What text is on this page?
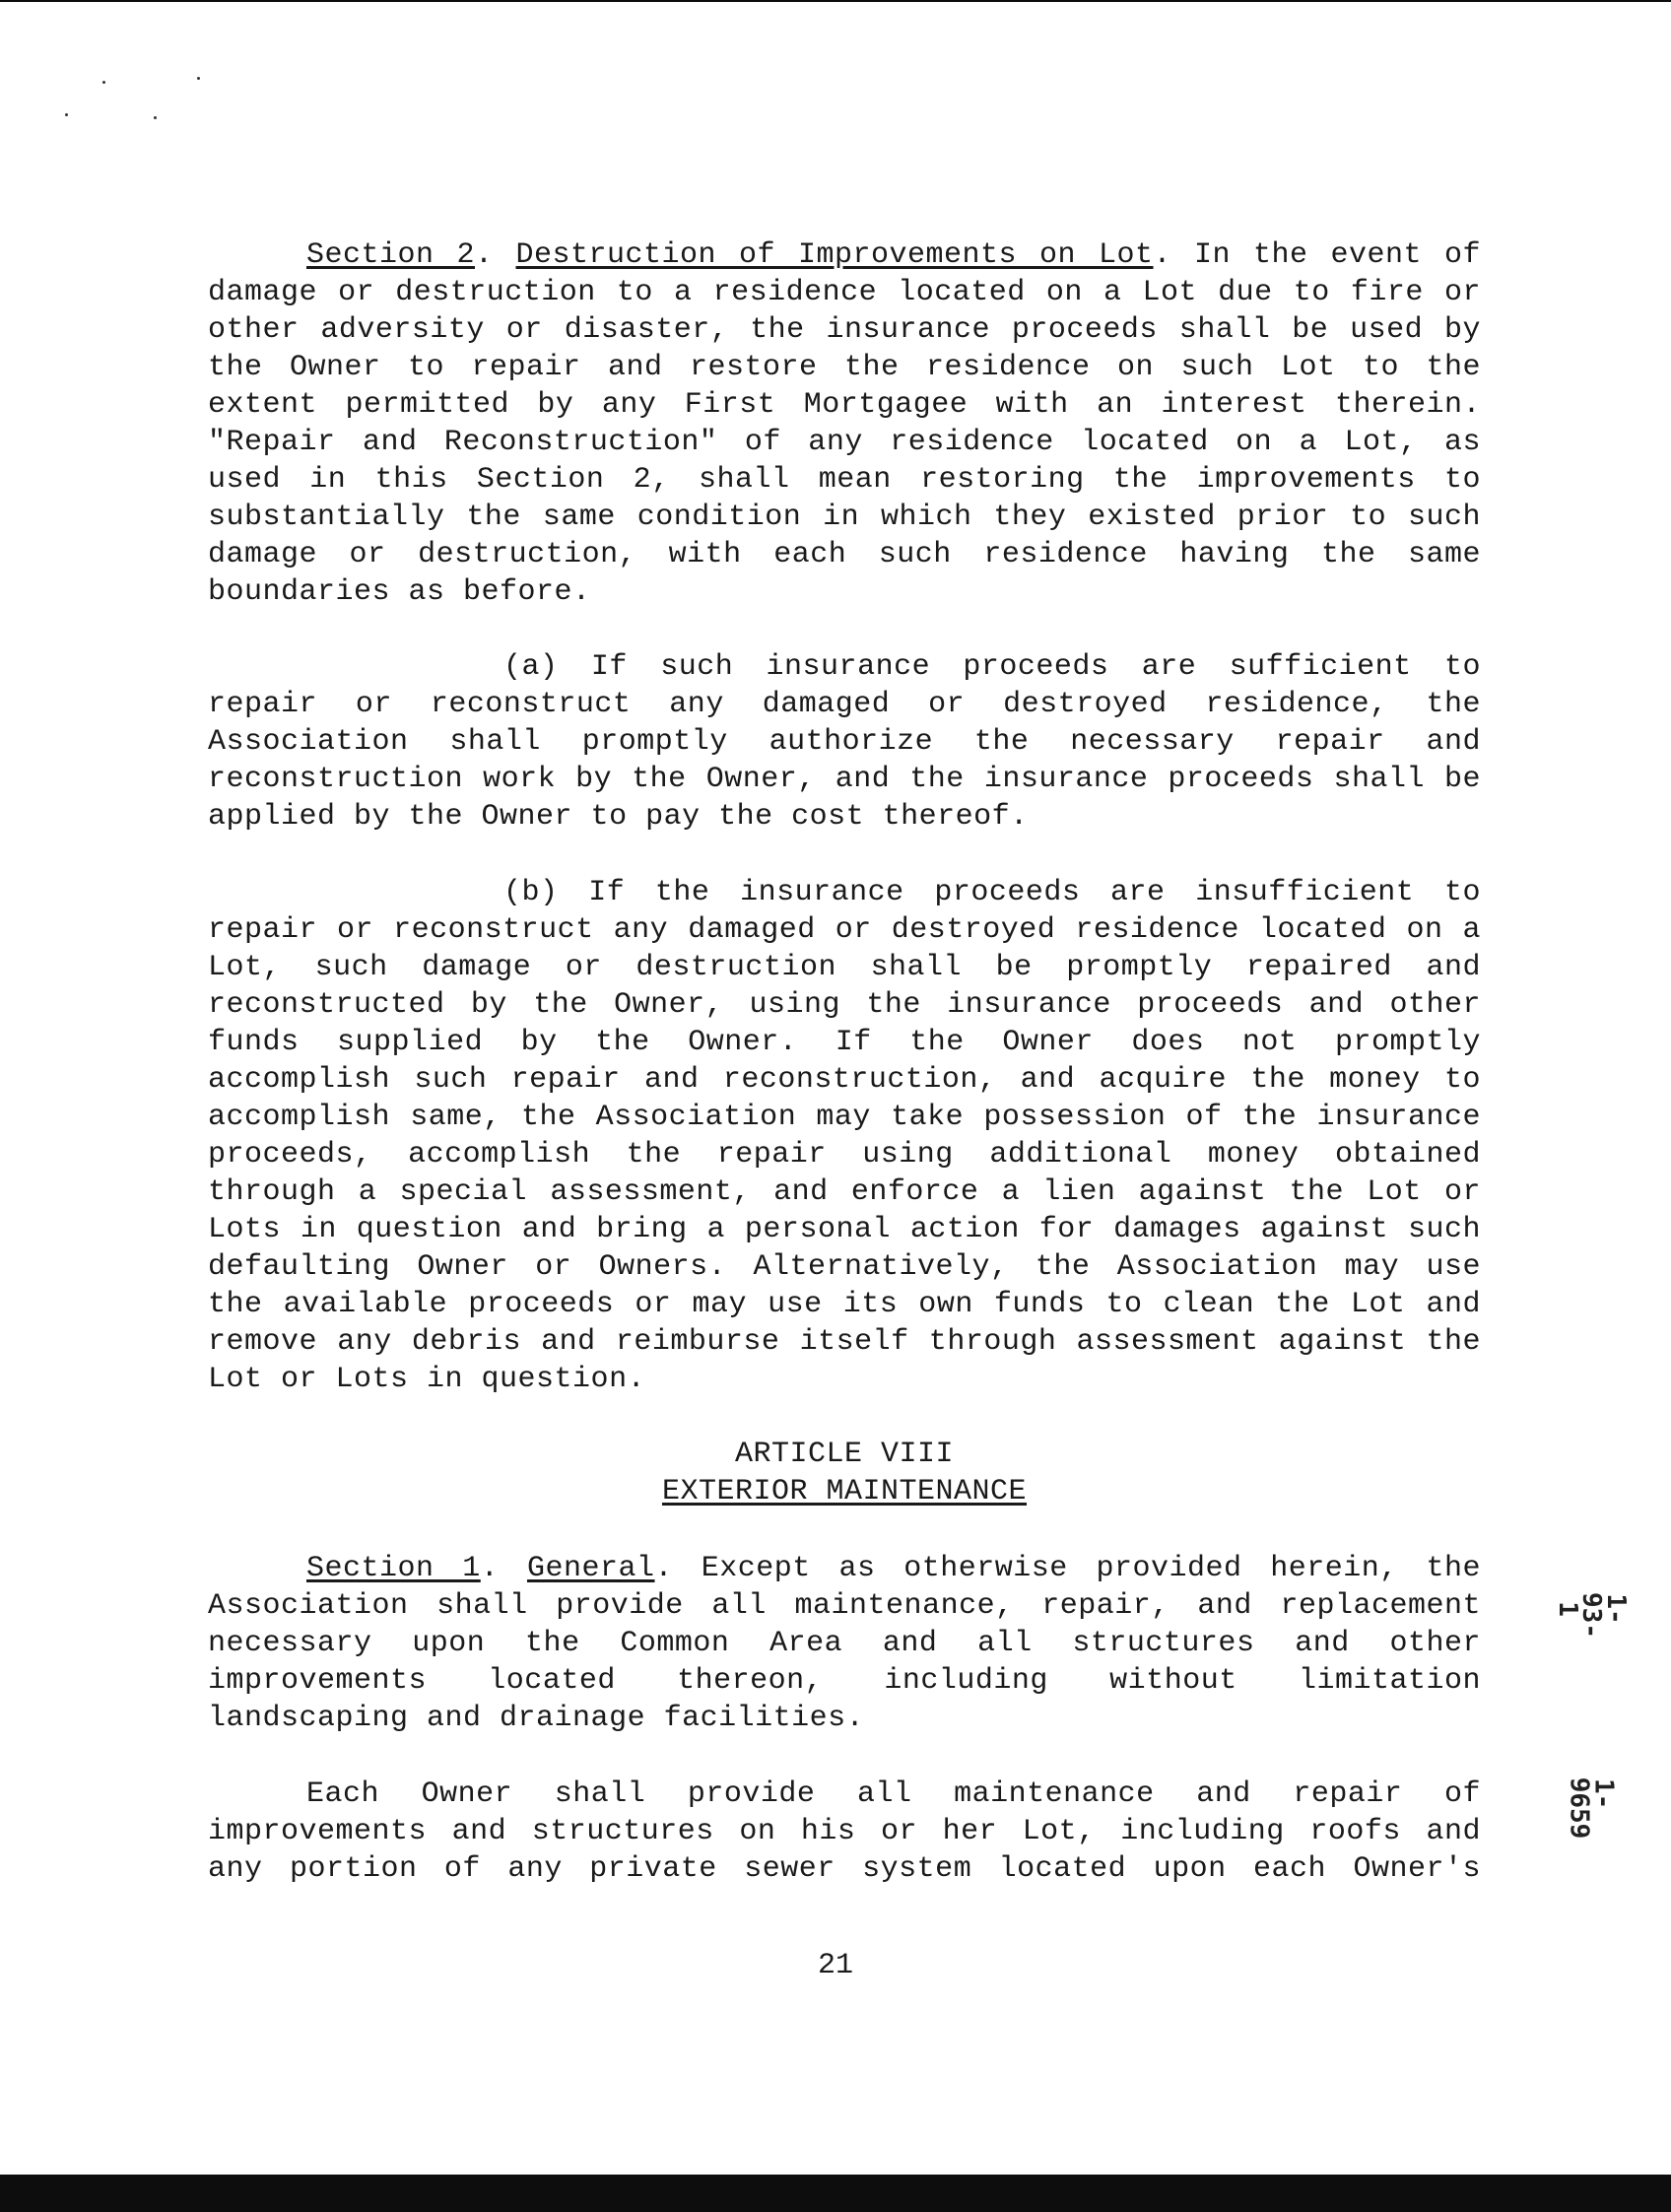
Section 2. Destruction of Improvements on Lot. In the event of damage or destruction to a residence located on a Lot due to fire or other adversity or disaster, the insurance proceeds shall be used by the Owner to repair and restore the residence on such Lot to the extent permitted by any First Mortgagee with an interest therein. "Repair and Reconstruction" of any residence located on a Lot, as used in this Section 2, shall mean restoring the improvements to substantially the same condition in which they existed prior to such damage or destruction, with each such residence having the same boundaries as before.

(a) If such insurance proceeds are sufficient to repair or reconstruct any damaged or destroyed residence, the Association shall promptly authorize the necessary repair and reconstruction work by the Owner, and the insurance proceeds shall be applied by the Owner to pay the cost thereof.

(b) If the insurance proceeds are insufficient to repair or reconstruct any damaged or destroyed residence located on a Lot, such damage or destruction shall be promptly repaired and reconstructed by the Owner, using the insurance proceeds and other funds supplied by the Owner. If the Owner does not promptly accomplish such repair and reconstruction, and acquire the money to accomplish same, the Association may take possession of the insurance proceeds, accomplish the repair using additional money obtained through a special assessment, and enforce a lien against the Lot or Lots in question and bring a personal action for damages against such defaulting Owner or Owners. Alternatively, the Association may use the available proceeds or may use its own funds to clean the Lot and remove any debris and reimburse itself through assessment against the Lot or Lots in question.

ARTICLE VIII

EXTERIOR MAINTENANCE

Section 1. General. Except as otherwise provided herein, the Association shall provide all maintenance, repair, and replacement necessary upon the Common Area and all structures and other improvements located thereon, including without limitation landscaping and drainage facilities.

Each Owner shall provide all maintenance and repair of improvements and structures on his or her Lot, including roofs and any portion of any private sewer system located upon each Owner's

21
1-93-1
1-9659
